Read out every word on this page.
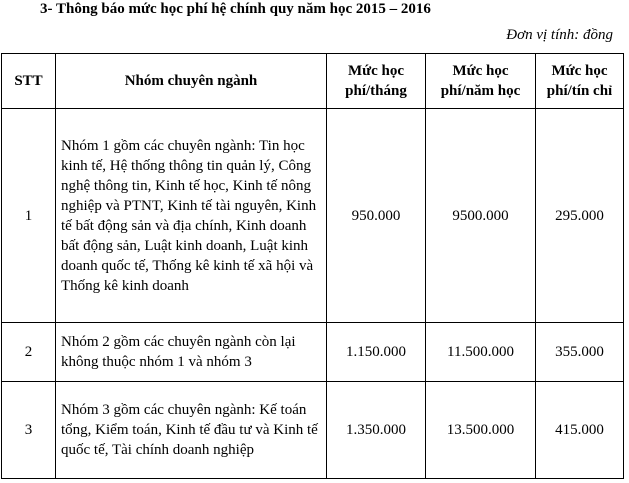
3- Thông báo mức học phí hệ chính quy năm học 2015 – 2016
Đơn vị tính: đồng
STT	Nhóm chuyên ngành	Mức học phí/tháng	Mức học phí/năm học	Mức học phí/tín chỉ
1	Nhóm 1 gồm các chuyên ngành: Tin học kinh tế, Hệ thống thông tin quản lý, Công nghệ thông tin, Kinh tế học, Kinh tế nông nghiệp và PTNT, Kinh tế tài nguyên, Kinh tế bất động sản và địa chính, Kinh doanh bất động sản, Luật kinh doanh, Luật kinh doanh quốc tế, Thống kê kinh tế xã hội và Thống kê kinh doanh	950.000	9500.000	295.000
2	Nhóm 2 gồm các chuyên ngành còn lại không thuộc nhóm 1 và nhóm 3	1.150.000	11.500.000	355.000
3	Nhóm 3 gồm các chuyên ngành: Kế toán tổng, Kiểm toán, Kinh tế đầu tư và Kinh tế quốc tế, Tài chính doanh nghiệp	1.350.000	13.500.000	415.000
